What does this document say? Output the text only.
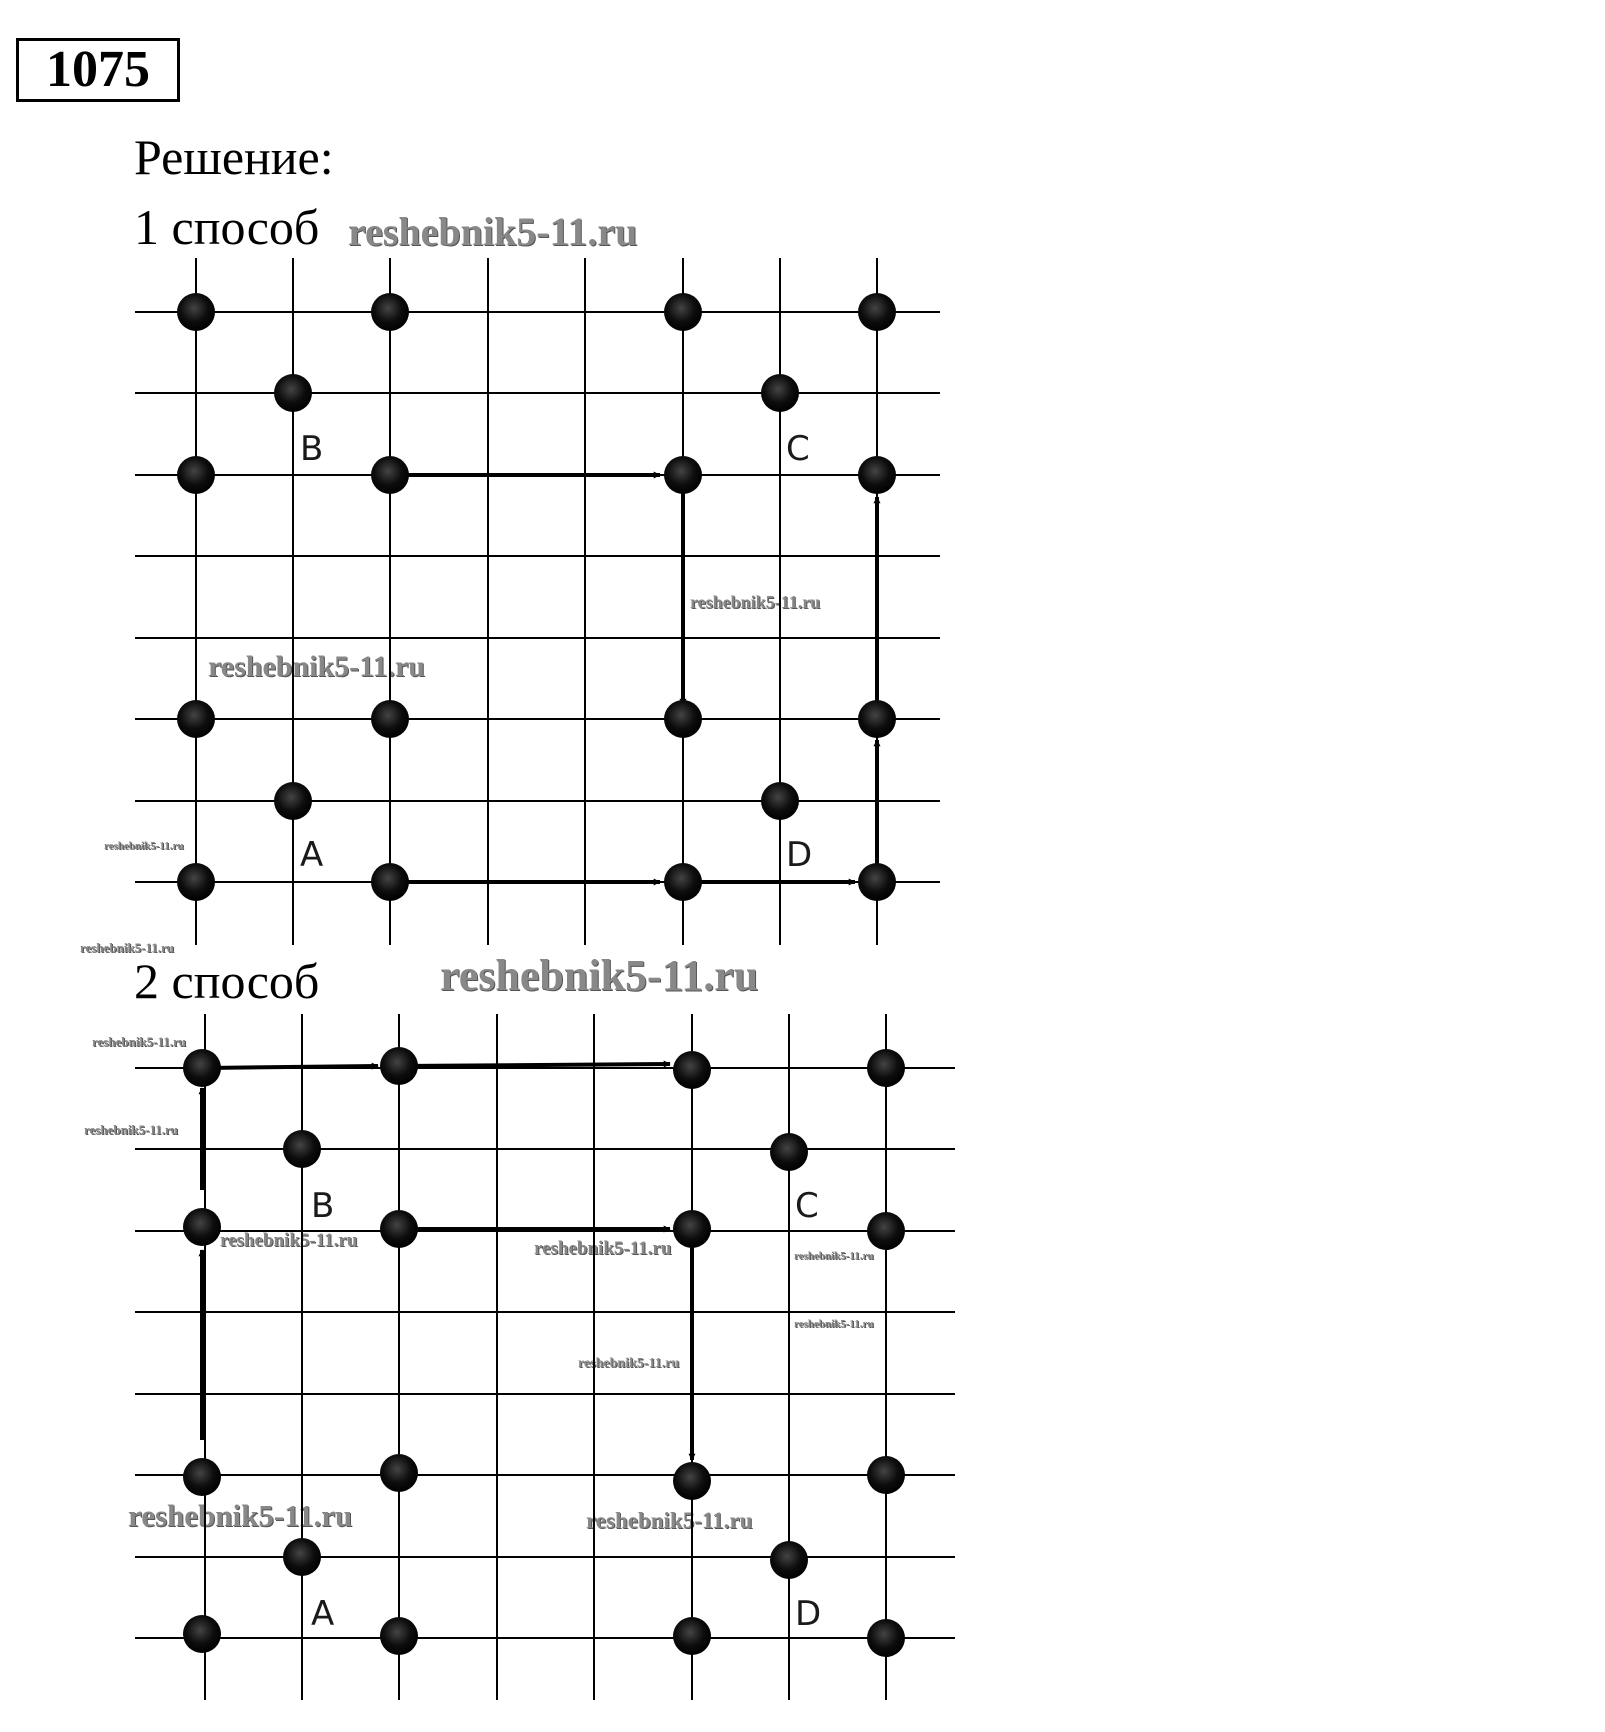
1075
Решение:
1 способ
2 способ
reshebnik5-11.ru
reshebnik5-11.ru
reshebnik5-11.ru
reshebnik5-11.ru
reshebnik5-11.ru
reshebnik5-11.ru
reshebnik5-11.ru
reshebnik5-11.ru
reshebnik5-11.ru	reshebnik5-11.ru	reshebnik5-11.ru
reshebnik5-11.ru
reshebnik5-11.ru
reshebnik5-11.ru	reshebnik5-11.ru
B	C
A	D
B	C
A	D
